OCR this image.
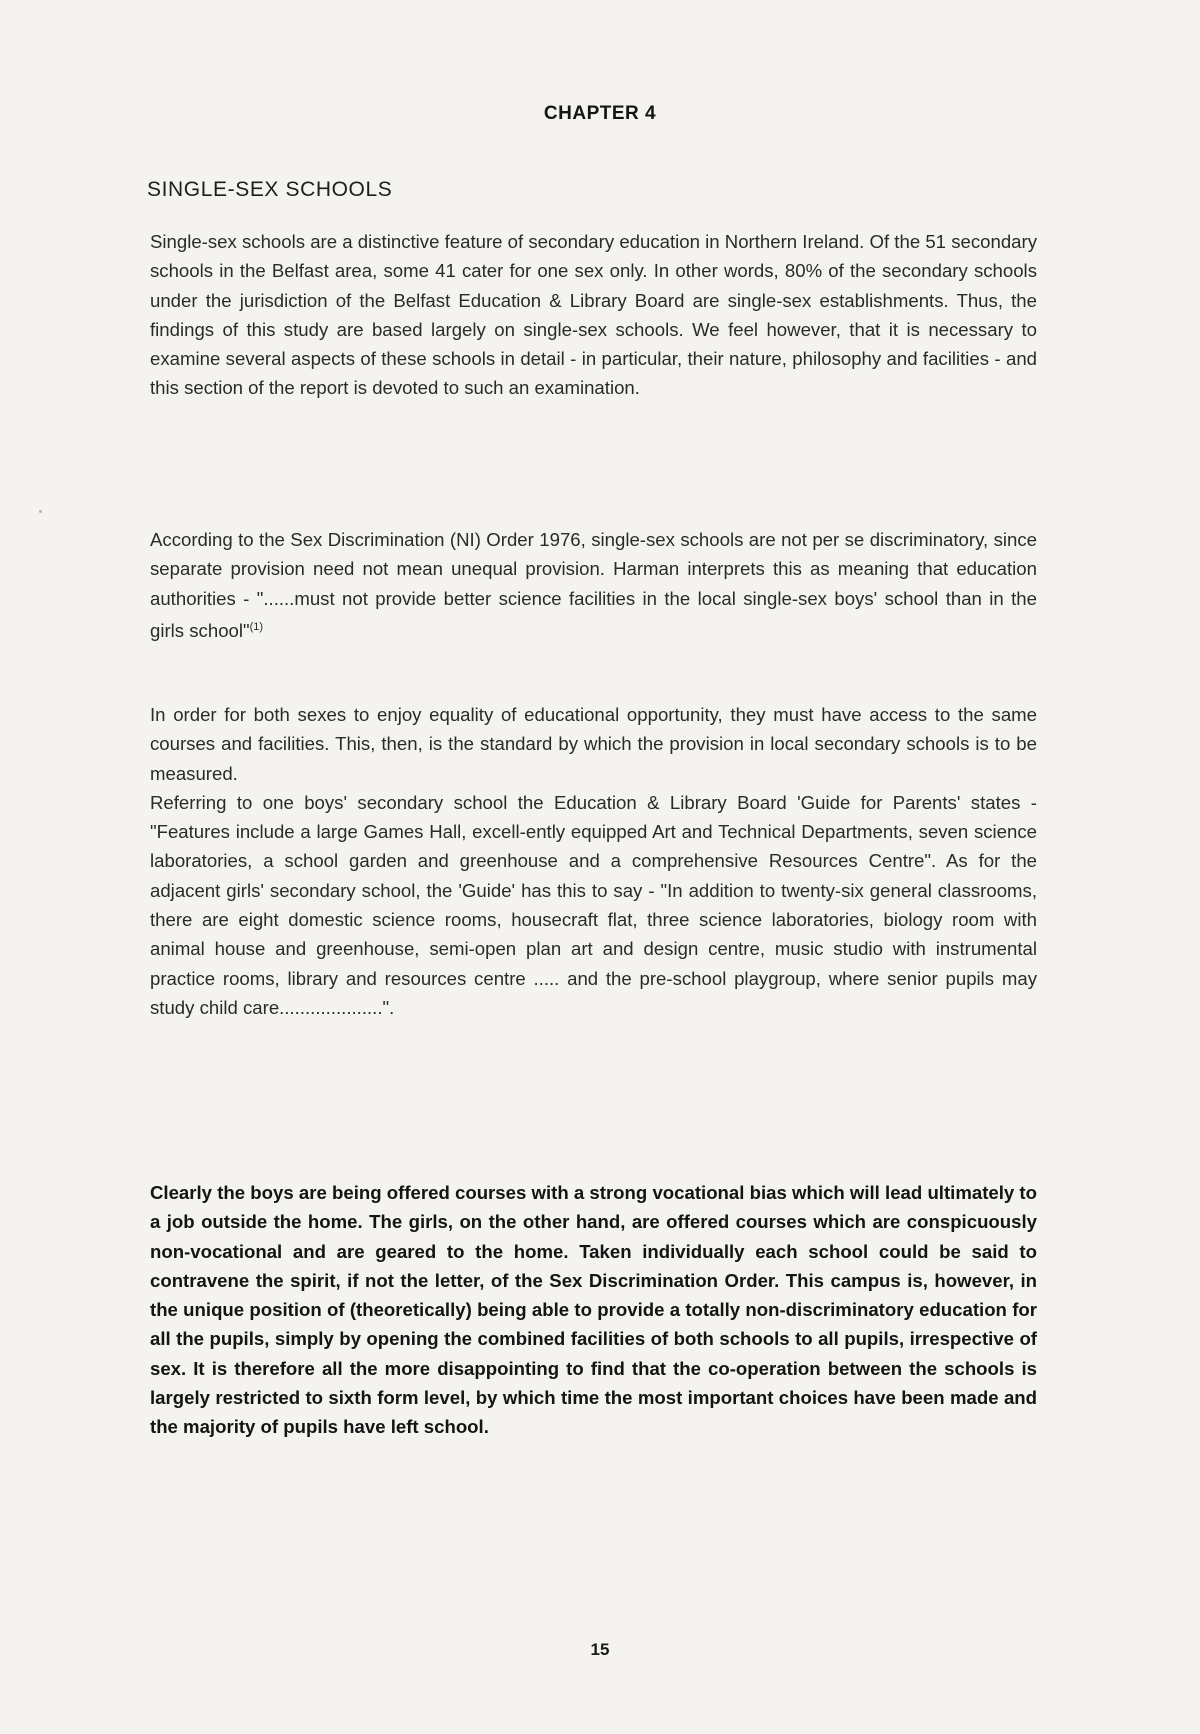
CHAPTER 4
SINGLE-SEX SCHOOLS

Single-sex schools are a distinctive feature of secondary education in Northern Ireland. Of the 51 secondary schools in the Belfast area, some 41 cater for one sex only. In other words, 80% of the secondary schools under the jurisdiction of the Belfast Education & Library Board are single-sex establishments. Thus, the findings of this study are based largely on single-sex schools. We feel however, that it is necessary to examine several aspects of these schools in detail - in particular, their nature, philosophy and facilities - and this section of the report is devoted to such an examination.

According to the Sex Discrimination (NI) Order 1976, single-sex schools are not per se discriminatory, since separate provision need not mean unequal provision. Harman interprets this as meaning that education authorities - "......must not provide better science facilities in the local single-sex boys' school than in the girls school"$^{(1)}$

In order for both sexes to enjoy equality of educational opportunity, they must have access to the same courses and facilities. This, then, is the standard by which the provision in local secondary schools is to be measured.

Referring to one boys' secondary school the Education & Library Board 'Guide for Parents' states - "Features include a large Games Hall, excell-ently equipped Art and Technical Departments, seven science laboratories, a school garden and greenhouse and a comprehensive Resources Centre". As for the adjacent girls' secondary school, the 'Guide' has this to say - "In addition to twenty-six general classrooms, there are eight domestic science rooms, housecraft flat, three science laboratories, biology room with animal house and greenhouse, semi-open plan art and design centre, music studio with instrumental practice rooms, library and resources centre ..... and the pre-school playgroup, where senior pupils may study child care....................".

Clearly the boys are being offered courses with a strong vocational bias which will lead ultimately to a job outside the home. The girls, on the other hand, are offered courses which are conspicuously non-vocational and are geared to the home. Taken individually each school could be said to contravene the spirit, if not the letter, of the Sex Discrimination Order. This campus is, however, in the unique position of (theoretically) being able to provide a totally non-discriminatory education for all the pupils, simply by opening the combined facilities of both schools to all pupils, irrespective of sex. It is therefore all the more disappointing to find that the co-operation between the schools is largely restricted to sixth form level, by which time the most important choices have been made and the majority of pupils have left school.

15
